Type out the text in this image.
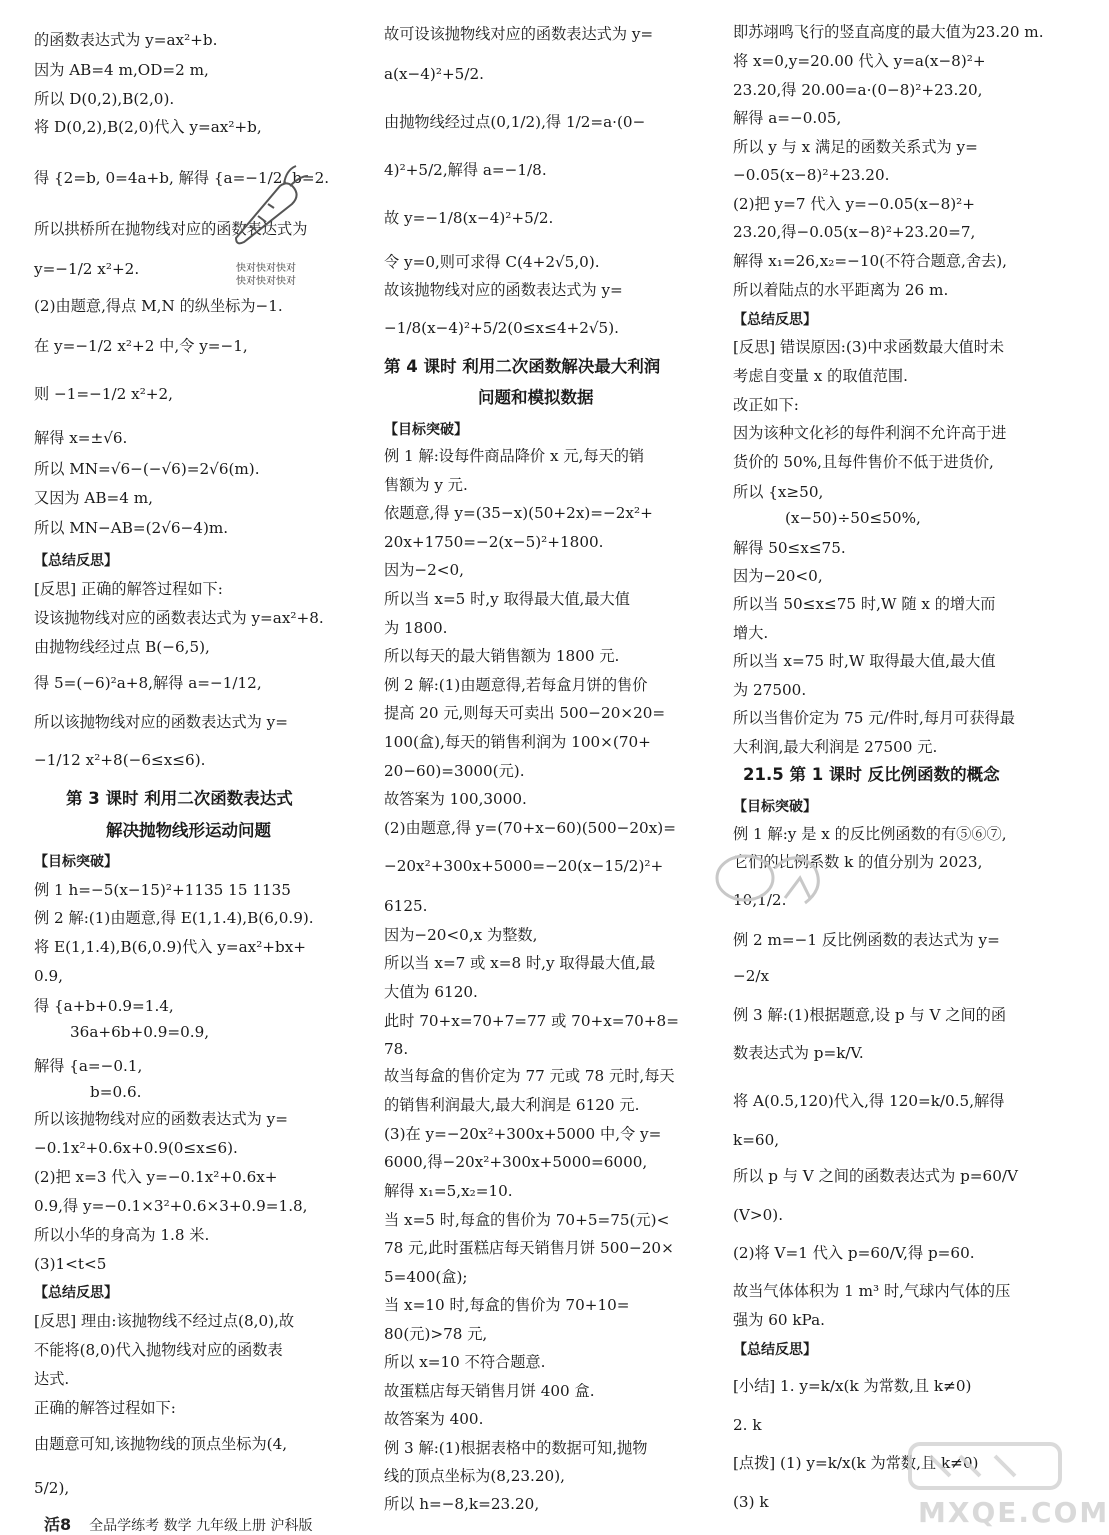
的函数表达式为 y=ax²+b.
因为 AB=4 m,OD=2 m,
所以 D(0,2),B(2,0).
将 D(0,2),B(2,0)代入 y=ax²+b,
得 {2=b, 0=4a+b, 解得 {a=−1/2, b=2.
所以拱桥所在抛物线对应的函数表达式为
y=−1/2 x²+2.
(2)由题意,得点 M,N 的纵坐标为−1.
在 y=−1/2 x²+2 中,令 y=−1,
则 −1=−1/2 x²+2,
解得 x=±√6.
所以 MN=√6−(−√6)=2√6(m).
又因为 AB=4 m,
所以 MN−AB=(2√6−4)m.
【总结反思】
[反思] 正确的解答过程如下:
设该抛物线对应的函数表达式为 y=ax²+8.
由抛物线经过点 B(−6,5),
得 5=(−6)²a+8,解得 a=−1/12,
所以该抛物线对应的函数表达式为 y=
−1/12 x²+8(−6≤x≤6).
第 3 课时 利用二次函数表达式
解决抛物线形运动问题
【目标突破】
例 1 h=−5(x−15)²+1135 15 1135
例 2 解:(1)由题意,得 E(1,1.4),B(6,0.9).
将 E(1,1.4),B(6,0.9)代入 y=ax²+bx+
0.9,
得 {a+b+0.9=1.4,
36a+6b+0.9=0.9,
解得 {a=−0.1,
b=0.6.
所以该抛物线对应的函数表达式为 y=
−0.1x²+0.6x+0.9(0≤x≤6).
(2)把 x=3 代入 y=−0.1x²+0.6x+
0.9,得 y=−0.1×3²+0.6×3+0.9=1.8,
所以小华的身高为 1.8 米.
(3)1<t<5
【总结反思】
[反思] 理由:该抛物线不经过点(8,0),故
不能将(8,0)代入抛物线对应的函数表
达式.
正确的解答过程如下:
由题意可知,该抛物线的顶点坐标为(4,
5/2),
故可设该抛物线对应的函数表达式为 y=
a(x−4)²+5/2.
由抛物线经过点(0,1/2),得 1/2=a·(0−
4)²+5/2,解得 a=−1/8.
故 y=−1/8(x−4)²+5/2.
令 y=0,则可求得 C(4+2√5,0).
故该抛物线对应的函数表达式为 y=
−1/8(x−4)²+5/2(0≤x≤4+2√5).
第 4 课时 利用二次函数解决最大利润
问题和模拟数据
【目标突破】
例 1 解:设每件商品降价 x 元,每天的销
售额为 y 元.
依题意,得 y=(35−x)(50+2x)=−2x²+
20x+1750=−2(x−5)²+1800.
因为−2<0,
所以当 x=5 时,y 取得最大值,最大值
为 1800.
所以每天的最大销售额为 1800 元.
例 2 解:(1)由题意得,若每盒月饼的售价
提高 20 元,则每天可卖出 500−20×20=
100(盒),每天的销售利润为 100×(70+
20−60)=3000(元).
故答案为 100,3000.
(2)由题意,得 y=(70+x−60)(500−20x)=
−20x²+300x+5000=−20(x−15/2)²+
6125.
因为−20<0,x 为整数,
所以当 x=7 或 x=8 时,y 取得最大值,最
大值为 6120.
此时 70+x=70+7=77 或 70+x=70+8=
78.
故当每盒的售价定为 77 元或 78 元时,每天
的销售利润最大,最大利润是 6120 元.
(3)在 y=−20x²+300x+5000 中,令 y=
6000,得−20x²+300x+5000=6000,
解得 x₁=5,x₂=10.
当 x=5 时,每盒的售价为 70+5=75(元)<
78 元,此时蛋糕店每天销售月饼 500−20×
5=400(盒);
当 x=10 时,每盒的售价为 70+10=
80(元)>78 元,
所以 x=10 不符合题意.
故蛋糕店每天销售月饼 400 盒.
故答案为 400.
例 3 解:(1)根据表格中的数据可知,抛物
线的顶点坐标为(8,23.20),
所以 h=−8,k=23.20,
即苏翊鸣飞行的竖直高度的最大值为23.20 m.
将 x=0,y=20.00 代入 y=a(x−8)²+
23.20,得 20.00=a·(0−8)²+23.20,
解得 a=−0.05,
所以 y 与 x 满足的函数关系式为 y=
−0.05(x−8)²+23.20.
(2)把 y=7 代入 y=−0.05(x−8)²+
23.20,得−0.05(x−8)²+23.20=7,
解得 x₁=26,x₂=−10(不符合题意,舍去),
所以着陆点的水平距离为 26 m.
【总结反思】
[反思] 错误原因:(3)中求函数最大值时未
考虑自变量 x 的取值范围.
改正如下:
因为该种文化衫的每件利润不允许高于进
货价的 50%,且每件售价不低于进货价,
所以 {x≥50,
(x−50)÷50≤50%,
解得 50≤x≤75.
因为−20<0,
所以当 50≤x≤75 时,W 随 x 的增大而
增大.
所以当 x=75 时,W 取得最大值,最大值
为 27500.
所以当售价定为 75 元/件时,每月可获得最
大利润,最大利润是 27500 元.
21.5 第 1 课时 反比例函数的概念
【目标突破】
例 1 解:y 是 x 的反比例函数的有⑤⑥⑦,
它们的比例系数 k 的值分别为 2023,
10,1/2.
例 2 m=−1 反比例函数的表达式为 y=
−2/x
例 3 解:(1)根据题意,设 p 与 V 之间的函
数表达式为 p=k/V.
将 A(0.5,120)代入,得 120=k/0.5,解得
k=60,
所以 p 与 V 之间的函数表达式为 p=60/V
(V>0).
(2)将 V=1 代入 p=60/V,得 p=60.
故当气体体积为 1 m³ 时,气球内气体的压
强为 60 kPa.
【总结反思】
[小结] 1. y=k/x(k 为常数,且 k≠0)
2. k
[点拨] (1) y=k/x(k 为常数,且 k≠0)
(3) k
快对快对快对
快对快对快对
活8 全品学练考 数学 九年级上册 沪科版	MXQE.COM
